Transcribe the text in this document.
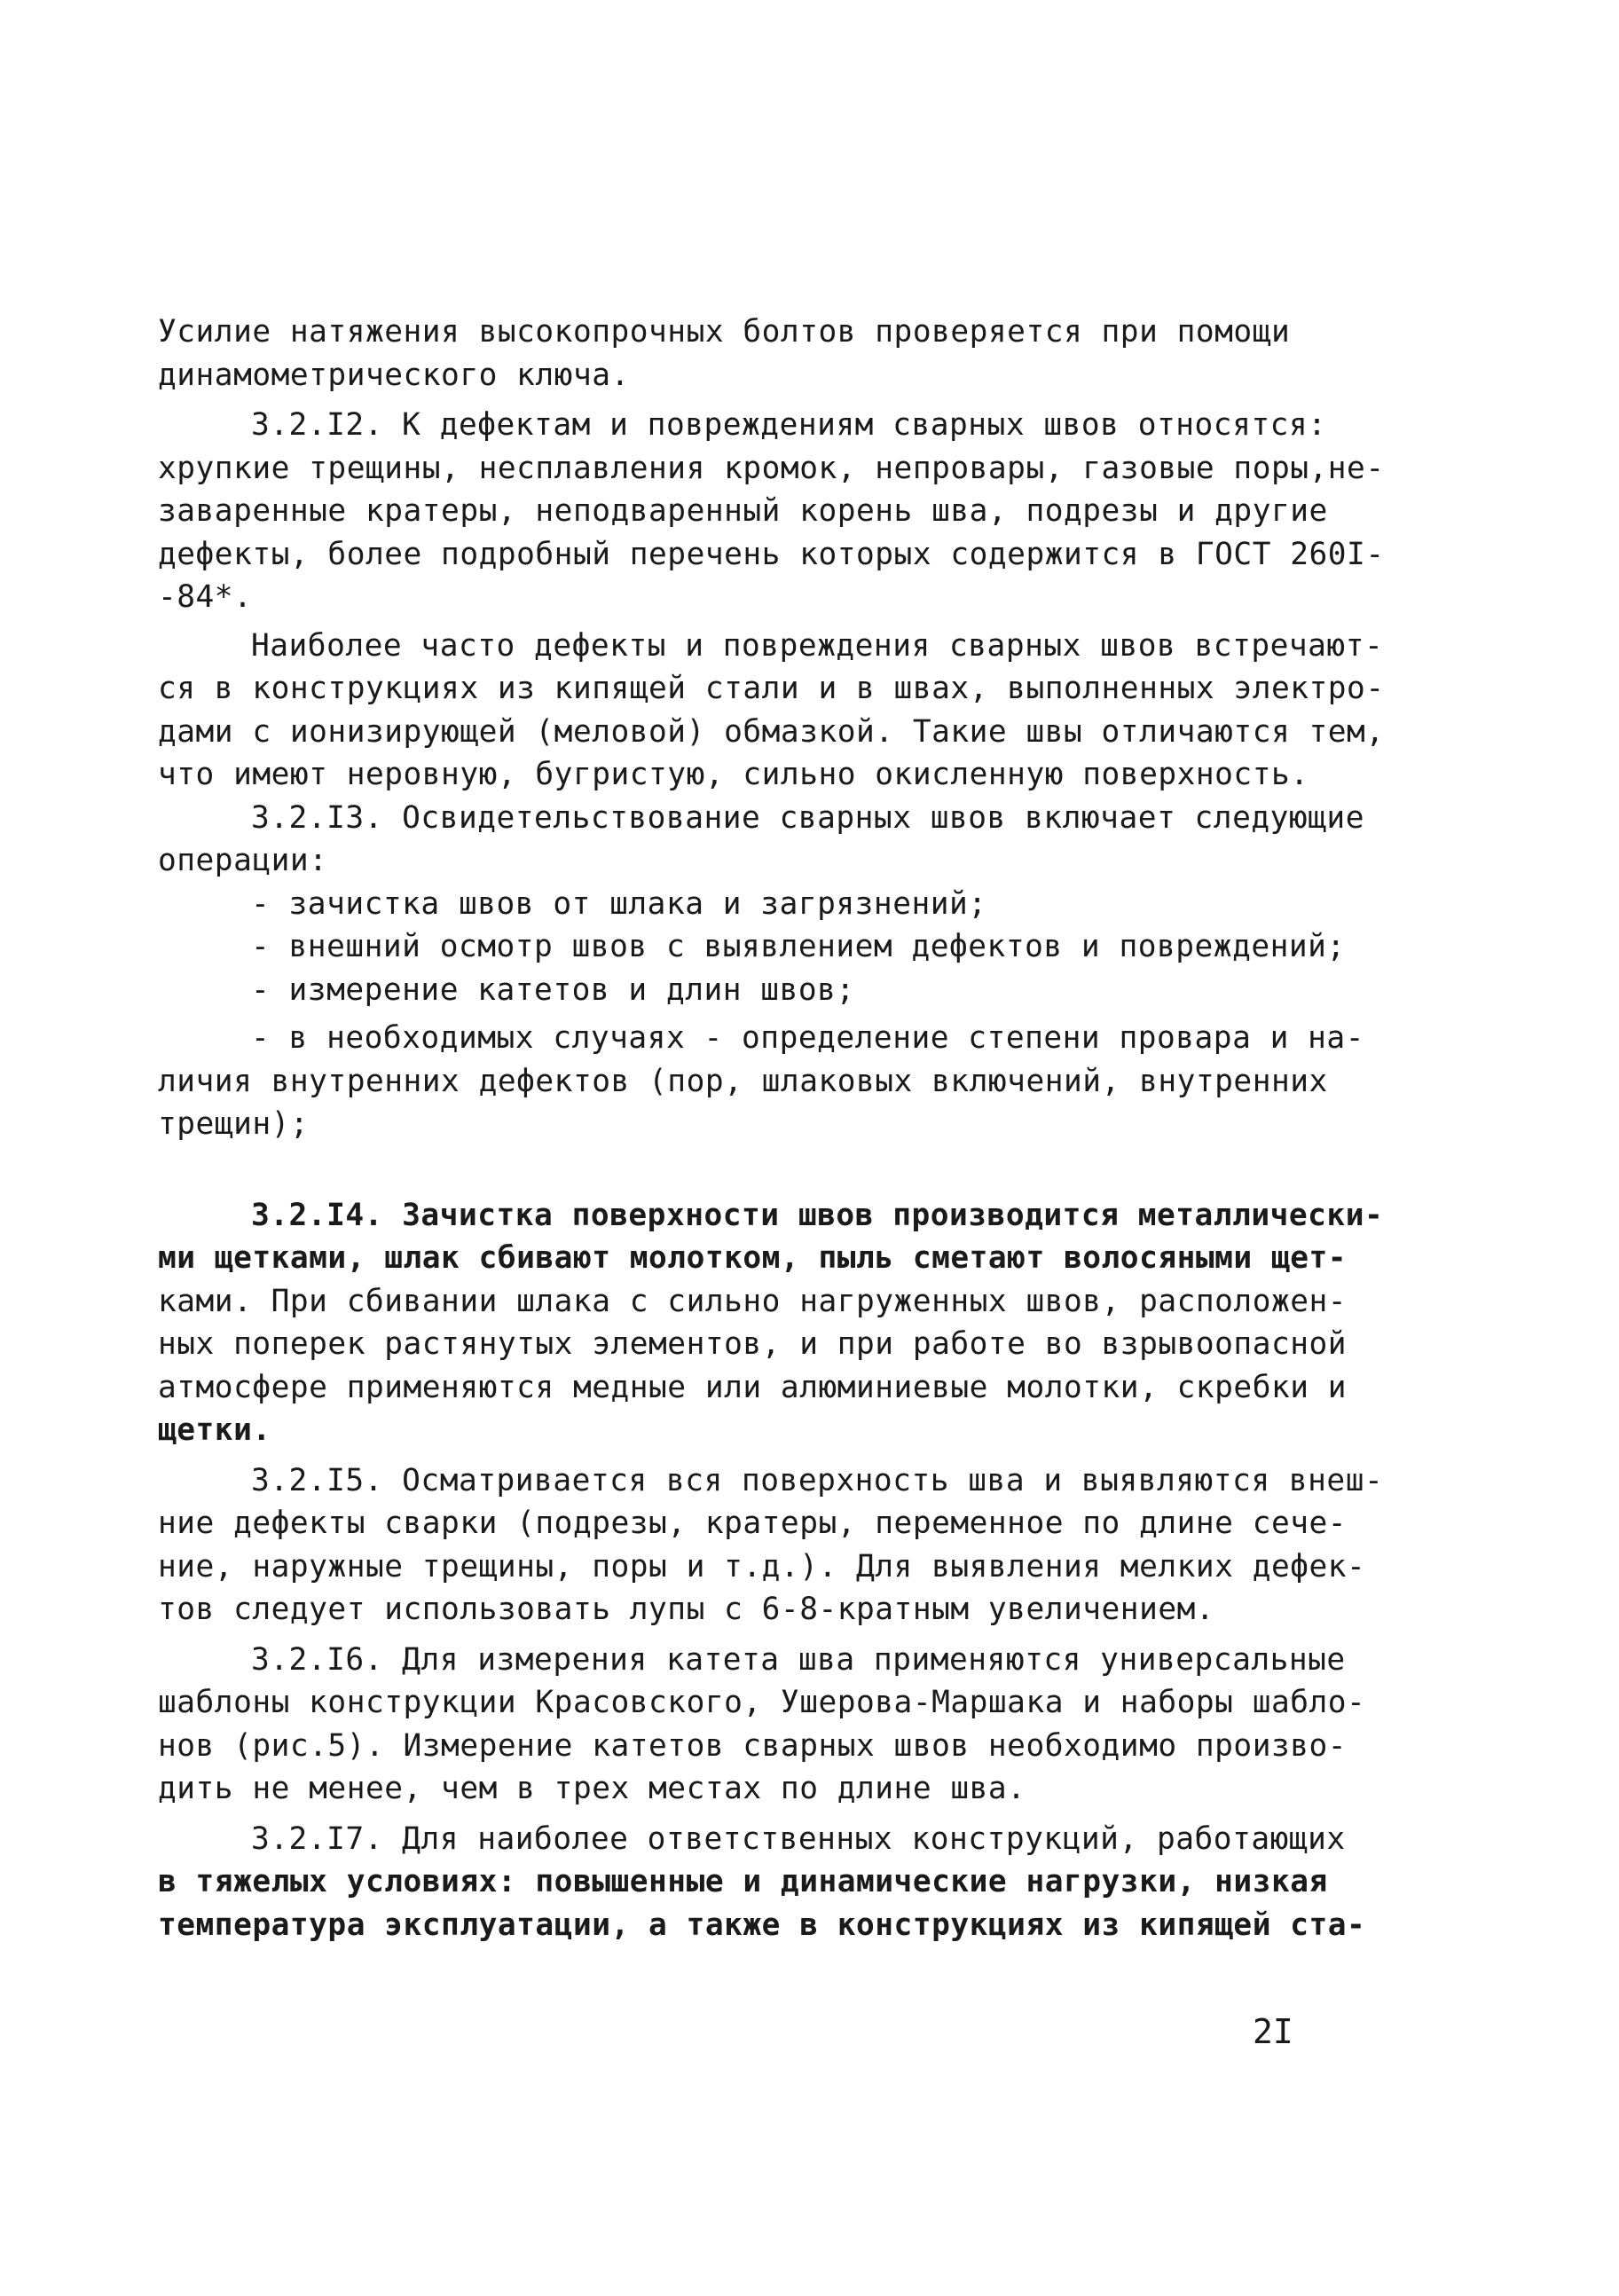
Усилие натяжения высокопрочных болтов проверяется при помощи
динамометрического ключа.
3.2.I2. К дефектам и повреждениям сварных швов относятся:
хрупкие трещины, несплавления кромок, непровары, газовые поры,не-
заваренные кратеры, неподваренный корень шва, подрезы и другие
дефекты, более подробный перечень которых содержится в ГОСТ 260I-
-84*.
Наиболее часто дефекты и повреждения сварных швов встречают-
ся в конструкциях из кипящей стали и в швах, выполненных электро-
дами с ионизирующей (меловой) обмазкой. Такие швы отличаются тем,
что имеют неровную, бугристую, сильно окисленную поверхность.
3.2.I3. Освидетельствование сварных швов включает следующие
операции:
- зачистка швов от шлака и загрязнений;
- внешний осмотр швов с выявлением дефектов и повреждений;
- измерение катетов и длин швов;
- в необходимых случаях - определение степени провара и на-
личия внутренних дефектов (пор, шлаковых включений, внутренних
трещин);
3.2.I4. Зачистка поверхности швов производится металлически-
ми щетками, шлак сбивают молотком, пыль сметают волосяными щет-
ками. При сбивании шлака с сильно нагруженных швов, расположен-
ных поперек растянутых элементов, и при работе во взрывоопасной
атмосфере применяются медные или алюминиевые молотки, скребки и
щетки.
3.2.I5. Осматривается вся поверхность шва и выявляются внеш-
ние дефекты сварки (подрезы, кратеры, переменное по длине сече-
ние, наружные трещины, поры и т.д.). Для выявления мелких дефек-
тов следует использовать лупы с 6-8-кратным увеличением.
3.2.I6. Для измерения катета шва применяются универсальные
шаблоны конструкции Красовского, Ушерова-Маршака и наборы шабло-
нов (рис.5). Измерение катетов сварных швов необходимо произво-
дить не менее, чем в трех местах по длине шва.
3.2.I7. Для наиболее ответственных конструкций, работающих
в тяжелых условиях: повышенные и динамические нагрузки, низкая
температура эксплуатации, а также в конструкциях из кипящей ста-
2I
